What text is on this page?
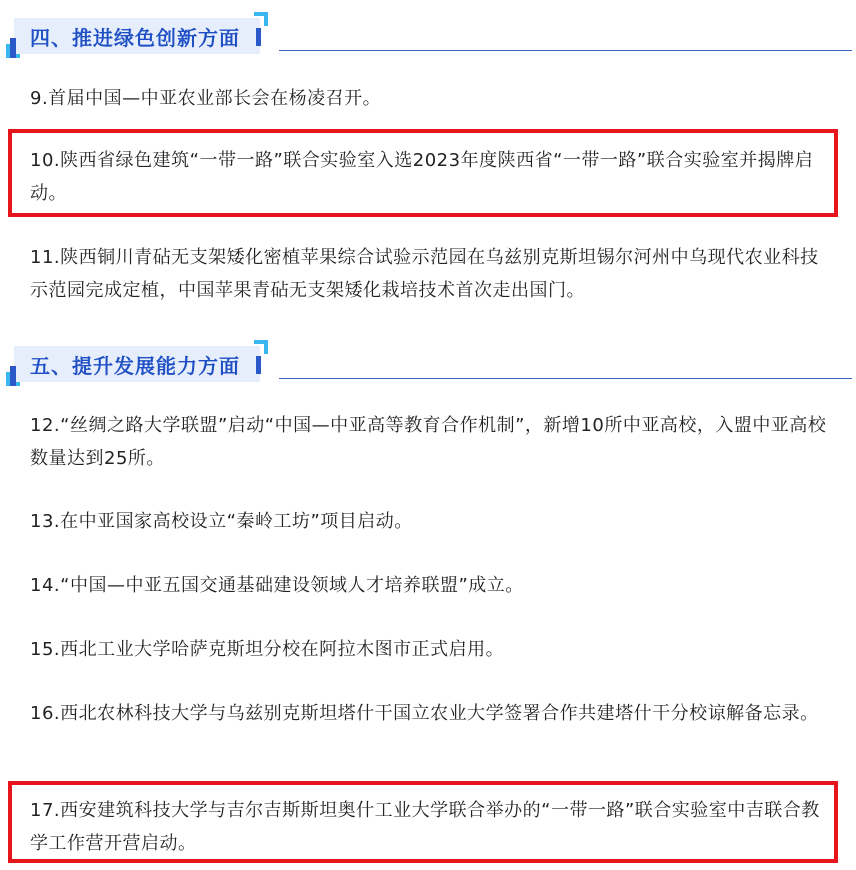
四、推进绿色创新方面
9.首届中国—中亚农业部长会在杨凌召开。
10.陕西省绿色建筑“一带一路”联合实验室入选2023年度陕西省“一带一路”联合实验室并揭牌启动。
11.陕西铜川青砧无支架矮化密植苹果综合试验示范园在乌兹别克斯坦锡尔河州中乌现代农业科技示范园完成定植，中国苹果青砧无支架矮化栽培技术首次走出国门。
五、提升发展能力方面
12.“丝绸之路大学联盟”启动“中国—中亚高等教育合作机制”，新增10所中亚高校，入盟中亚高校数量达到25所。
13.在中亚国家高校设立“秦岭工坊”项目启动。
14.“中国—中亚五国交通基础建设领域人才培养联盟”成立。
15.西北工业大学哈萨克斯坦分校在阿拉木图市正式启用。
16.西北农林科技大学与乌兹别克斯坦塔什干国立农业大学签署合作共建塔什干分校谅解备忘录。
17.西安建筑科技大学与吉尔吉斯斯坦奥什工业大学联合举办的“一带一路”联合实验室中吉联合教学工作营开营启动。
